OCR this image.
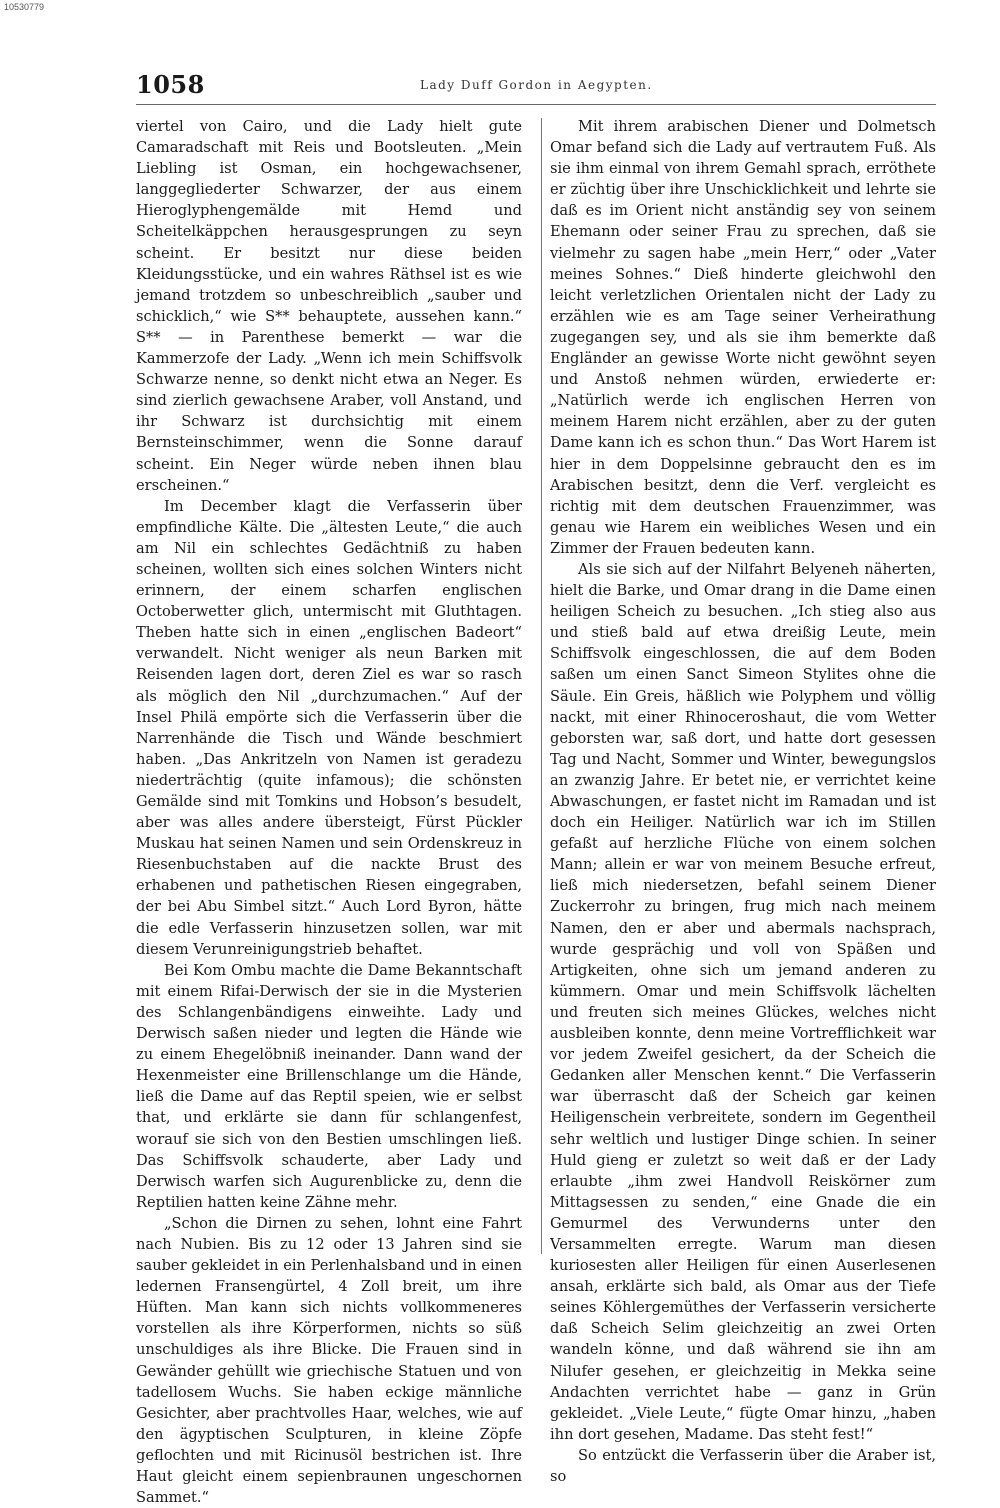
10530779
1058	Lady Duff Gordon in Aegypten.

viertel von Cairo, und die Lady hielt gute Camaradschaft mit Reis und Bootsleuten. „Mein Liebling ist Osman, ein hochgewachsener, langgegliederter Schwarzer, der aus einem Hieroglyphengemälde mit Hemd und Scheitelkäppchen herausgesprungen zu seyn scheint. Er besitzt nur diese beiden Kleidungsstücke, und ein wahres Räthsel ist es wie jemand trotzdem so unbeschreiblich „sauber und schicklich,“ wie S** behauptete, aussehen kann.“ S** — in Parenthese bemerkt — war die Kammerzofe der Lady. „Wenn ich mein Schiffsvolk Schwarze nenne, so denkt nicht etwa an Neger. Es sind zierlich gewachsene Araber, voll Anstand, und ihr Schwarz ist durchsichtig mit einem Bernsteinschimmer, wenn die Sonne darauf scheint. Ein Neger würde neben ihnen blau erscheinen.“

Im December klagt die Verfasserin über empfindliche Kälte. Die „ältesten Leute,“ die auch am Nil ein schlechtes Gedächtniß zu haben scheinen, wollten sich eines solchen Winters nicht erinnern, der einem scharfen englischen Octoberwetter glich, untermischt mit Gluthtagen. Theben hatte sich in einen „englischen Badeort“ verwandelt. Nicht weniger als neun Barken mit Reisenden lagen dort, deren Ziel es war so rasch als möglich den Nil „durchzumachen.“ Auf der Insel Philä empörte sich die Verfasserin über die Narrenhände die Tisch und Wände beschmiert haben. „Das Ankritzeln von Namen ist geradezu niederträchtig (quite infamous); die schönsten Gemälde sind mit Tomkins und Hobson’s besudelt, aber was alles andere übersteigt, Fürst Pückler Muskau hat seinen Namen und sein Ordenskreuz in Riesenbuchstaben auf die nackte Brust des erhabenen und pathetischen Riesen eingegraben, der bei Abu Simbel sitzt.“ Auch Lord Byron, hätte die edle Verfasserin hinzusetzen sollen, war mit diesem Verunreinigungstrieb behaftet.

Bei Kom Ombu machte die Dame Bekanntschaft mit einem Rifai-Derwisch der sie in die Mysterien des Schlangenbändigens einweihte. Lady und Derwisch saßen nieder und legten die Hände wie zu einem Ehegelöbniß ineinander. Dann wand der Hexenmeister eine Brillenschlange um die Hände, ließ die Dame auf das Reptil speien, wie er selbst that, und erklärte sie dann für schlangenfest, worauf sie sich von den Bestien umschlingen ließ. Das Schiffsvolk schauderte, aber Lady und Derwisch warfen sich Augurenblicke zu, denn die Reptilien hatten keine Zähne mehr.

„Schon die Dirnen zu sehen, lohnt eine Fahrt nach Nubien. Bis zu 12 oder 13 Jahren sind sie sauber gekleidet in ein Perlenhalsband und in einen ledernen Fransengürtel, 4 Zoll breit, um ihre Hüften. Man kann sich nichts vollkommeneres vorstellen als ihre Körperformen, nichts so süß unschuldiges als ihre Blicke. Die Frauen sind in Gewänder gehüllt wie griechische Statuen und von tadellosem Wuchs. Sie haben eckige männliche Gesichter, aber prachtvolles Haar, welches, wie auf den ägyptischen Sculpturen, in kleine Zöpfe geflochten und mit Ricinusöl bestrichen ist. Ihre Haut gleicht einem sepienbraunen ungeschornen Sammet.“

Mit ihrem arabischen Diener und Dolmetsch Omar befand sich die Lady auf vertrautem Fuß. Als sie ihm einmal von ihrem Gemahl sprach, erröthete er züchtig über ihre Unschicklichkeit und lehrte sie daß es im Orient nicht anständig sey von seinem Ehemann oder seiner Frau zu sprechen, daß sie vielmehr zu sagen habe „mein Herr,“ oder „Vater meines Sohnes.“ Dieß hinderte gleichwohl den leicht verletzlichen Orientalen nicht der Lady zu erzählen wie es am Tage seiner Verheirathung zugegangen sey, und als sie ihm bemerkte daß Engländer an gewisse Worte nicht gewöhnt seyen und Anstoß nehmen würden, erwiederte er: „Natürlich werde ich englischen Herren von meinem Harem nicht erzählen, aber zu der guten Dame kann ich es schon thun.“ Das Wort Harem ist hier in dem Doppelsinne gebraucht den es im Arabischen besitzt, denn die Verf. vergleicht es richtig mit dem deutschen Frauenzimmer, was genau wie Harem ein weibliches Wesen und ein Zimmer der Frauen bedeuten kann.

Als sie sich auf der Nilfahrt Belyeneh näherten, hielt die Barke, und Omar drang in die Dame einen heiligen Scheich zu besuchen. „Ich stieg also aus und stieß bald auf etwa dreißig Leute, mein Schiffsvolk eingeschlossen, die auf dem Boden saßen um einen Sanct Simeon Stylites ohne die Säule. Ein Greis, häßlich wie Polyphem und völlig nackt, mit einer Rhinoceroshaut, die vom Wetter geborsten war, saß dort, und hatte dort gesessen Tag und Nacht, Sommer und Winter, bewegungslos an zwanzig Jahre. Er betet nie, er verrichtet keine Abwaschungen, er fastet nicht im Ramadan und ist doch ein Heiliger. Natürlich war ich im Stillen gefaßt auf herzliche Flüche von einem solchen Mann; allein er war von meinem Besuche erfreut, ließ mich niedersetzen, befahl seinem Diener Zuckerrohr zu bringen, frug mich nach meinem Namen, den er aber und abermals nachsprach, wurde gesprächig und voll von Späßen und Artigkeiten, ohne sich um jemand anderen zu kümmern. Omar und mein Schiffsvolk lächelten und freuten sich meines Glückes, welches nicht ausbleiben konnte, denn meine Vortrefflichkeit war vor jedem Zweifel gesichert, da der Scheich die Gedanken aller Menschen kennt.“ Die Verfasserin war überrascht daß der Scheich gar keinen Heiligenschein verbreitete, sondern im Gegentheil sehr weltlich und lustiger Dinge schien. In seiner Huld gieng er zuletzt so weit daß er der Lady erlaubte „ihm zwei Handvoll Reiskörner zum Mittagsessen zu senden,“ eine Gnade die ein Gemurmel des Verwunderns unter den Versammelten erregte. Warum man diesen kuriosesten aller Heiligen für einen Auserlesenen ansah, erklärte sich bald, als Omar aus der Tiefe seines Köhlergemüthes der Verfasserin versicherte daß Scheich Selim gleichzeitig an zwei Orten wandeln könne, und daß während sie ihn am Nilufer gesehen, er gleichzeitig in Mekka seine Andachten verrichtet habe — ganz in Grün gekleidet. „Viele Leute,“ fügte Omar hinzu, „haben ihn dort gesehen, Madame. Das steht fest!“

So entzückt die Verfasserin über die Araber ist, so
